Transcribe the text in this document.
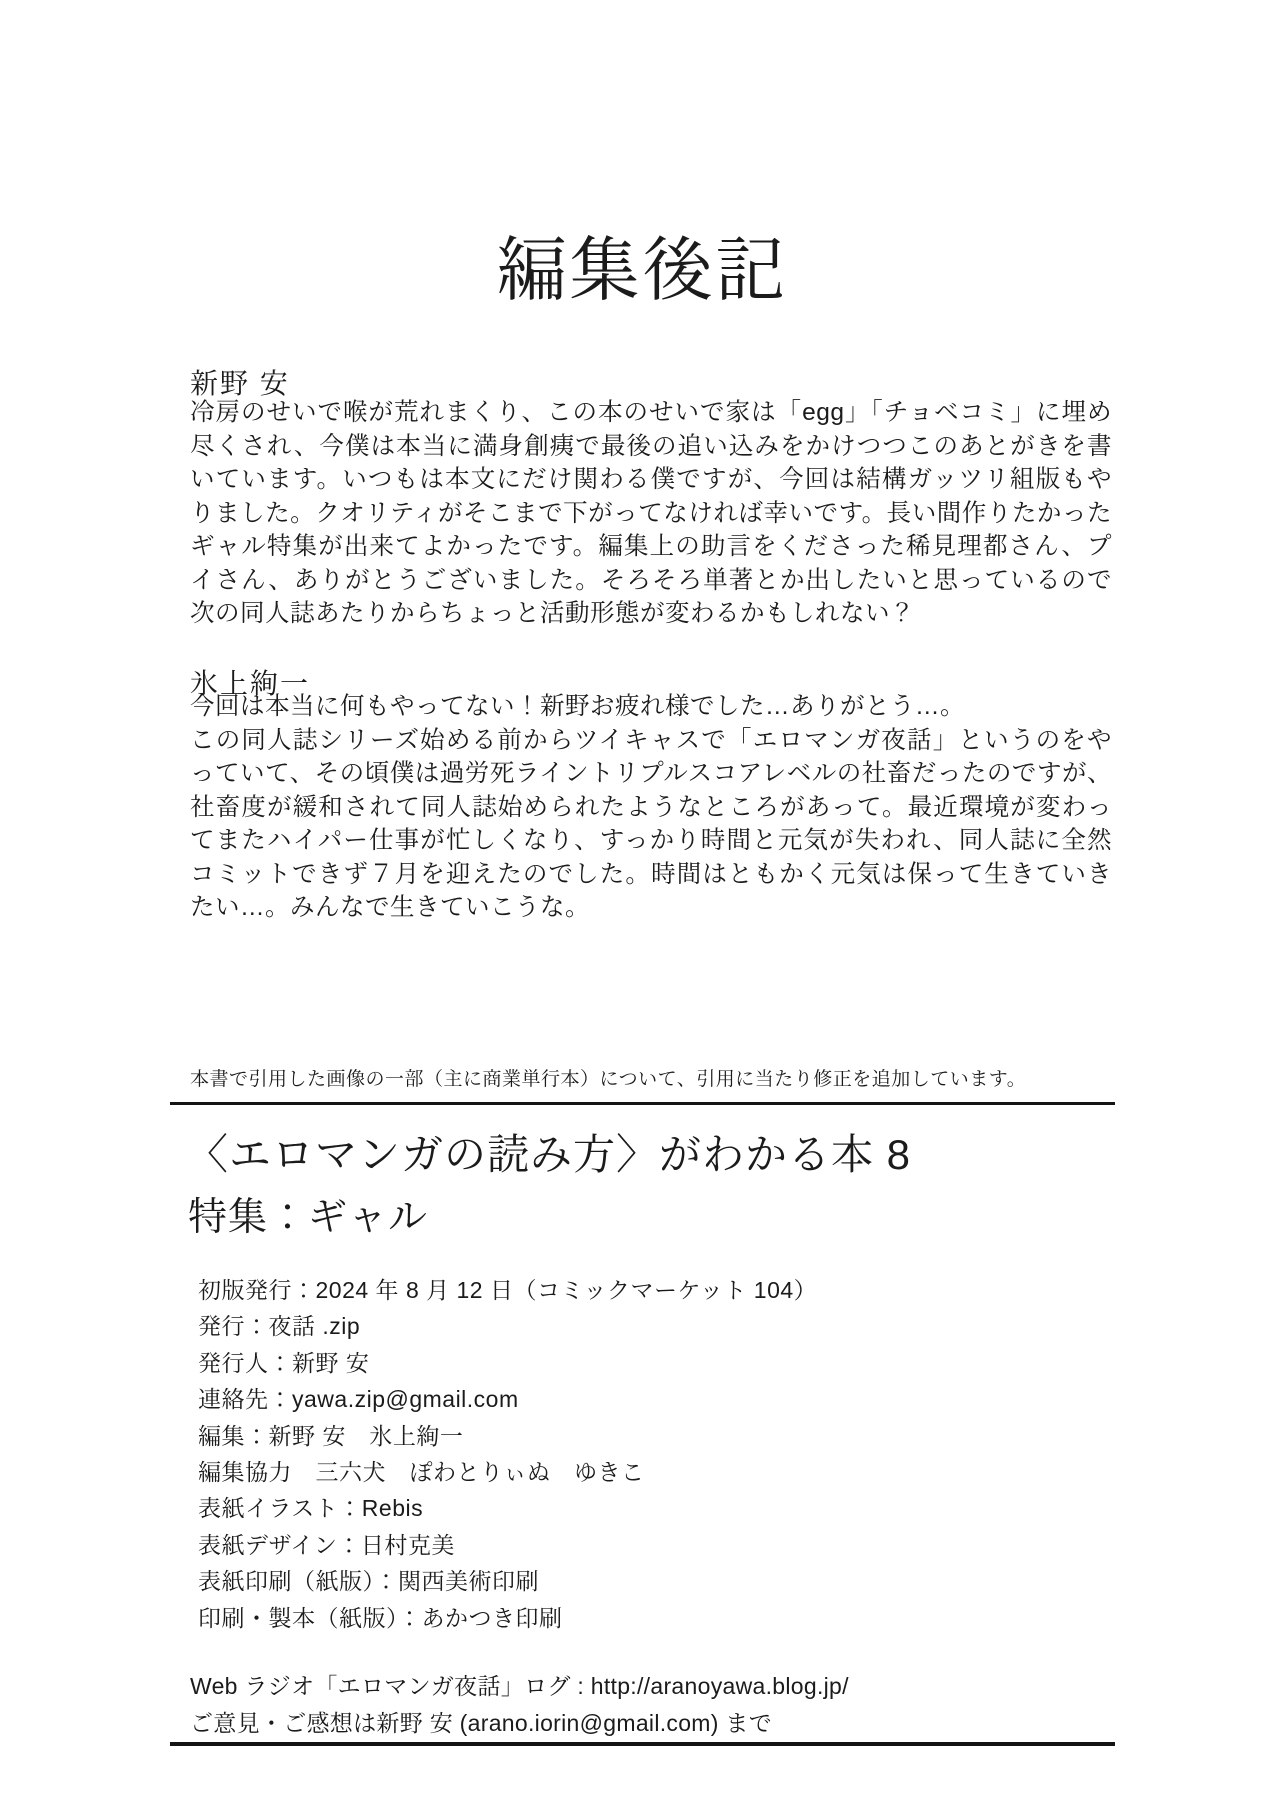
編集後記
新野 安

冷房のせいで喉が荒れまくり、この本のせいで家は「egg」「チョベコミ」に埋め尽くされ、今僕は本当に満身創痍で最後の追い込みをかけつつこのあとがきを書いています。いつもは本文にだけ関わる僕ですが、今回は結構ガッツリ組版もやりました。クオリティがそこまで下がってなければ幸いです。長い間作りたかったギャル特集が出来てよかったです。編集上の助言をくださった稀見理都さん、プイさん、ありがとうございました。そろそろ単著とか出したいと思っているので次の同人誌あたりからちょっと活動形態が変わるかもしれない？

氷上絢一

今回は本当に何もやってない！新野お疲れ様でした…ありがとう…。

この同人誌シリーズ始める前からツイキャスで「エロマンガ夜話」というのをやっていて、その頃僕は過労死ライントリプルスコアレベルの社畜だったのですが、社畜度が緩和されて同人誌始められたようなところがあって。最近環境が変わってまたハイパー仕事が忙しくなり、すっかり時間と元気が失われ、同人誌に全然コミットできず７月を迎えたのでした。時間はともかく元気は保って生きていきたい…。みんなで生きていこうな。

本書で引用した画像の一部（主に商業単行本）について、引用に当たり修正を追加しています。
〈エロマンガの読み方〉がわかる本 8
特集：ギャル
初版発行：2024 年 8 月 12 日（コミックマーケット 104）
発行：夜話 .zip
発行人：新野 安
連絡先：yawa.zip@gmail.com
編集：新野 安　氷上絢一
編集協力　三六犬　ぽわとりぃぬ　ゆきこ
表紙イラスト：Rebis
表紙デザイン：日村克美
表紙印刷（紙版）：関西美術印刷
印刷・製本（紙版）：あかつき印刷
Web ラジオ「エロマンガ夜話」ログ : http://aranoyawa.blog.jp/
ご意見・ご感想は新野 安 (arano.iorin@gmail.com) まで
